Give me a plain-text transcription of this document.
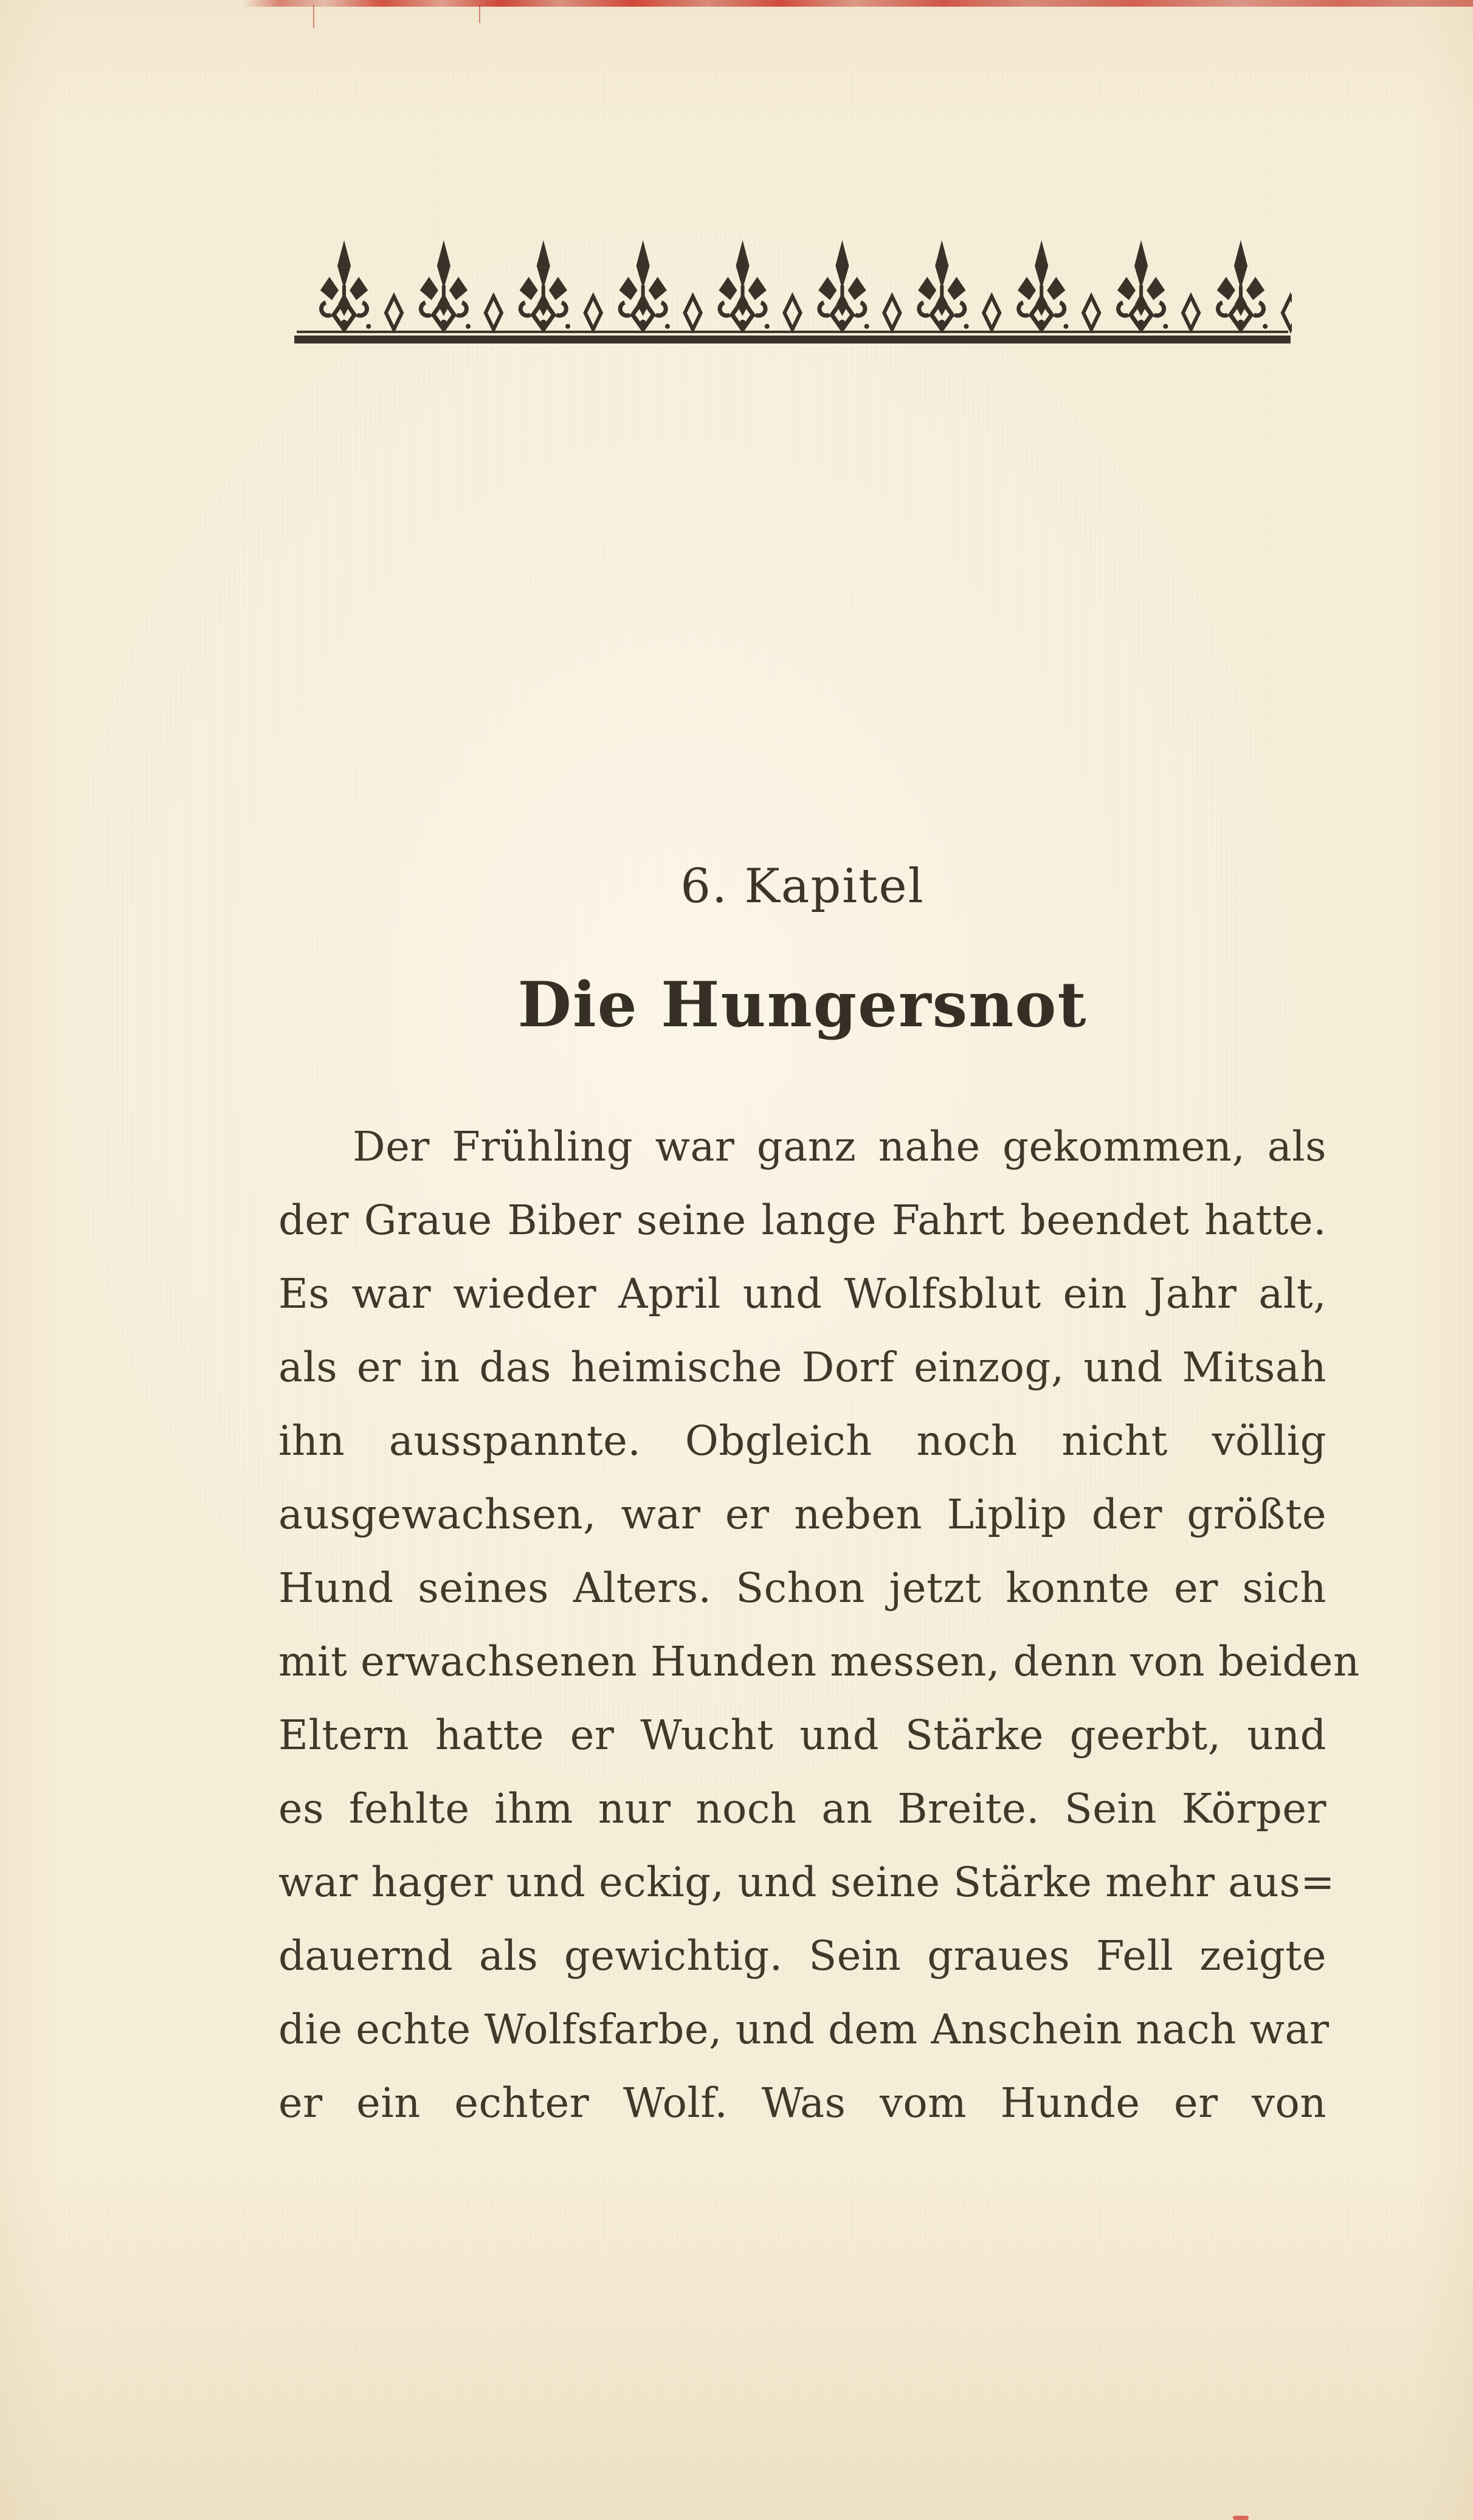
6. Kapitel
Die Hungersnot
Der Frühling war ganz nahe gekommen, als
der Graue Biber seine lange Fahrt beendet hatte.
Es war wieder April und Wolfsblut ein Jahr alt,
als er in das heimische Dorf einzog, und Mitsah
ihn ausspannte. Obgleich noch nicht völlig
ausgewachsen, war er neben Liplip der größte
Hund seines Alters. Schon jetzt konnte er sich
mit erwachsenen Hunden messen, denn von beiden
Eltern hatte er Wucht und Stärke geerbt, und
es fehlte ihm nur noch an Breite. Sein Körper
war hager und eckig, und seine Stärke mehr aus=
dauernd als gewichtig. Sein graues Fell zeigte
die echte Wolfsfarbe, und dem Anschein nach war
er ein echter Wolf. Was vom Hunde er von
